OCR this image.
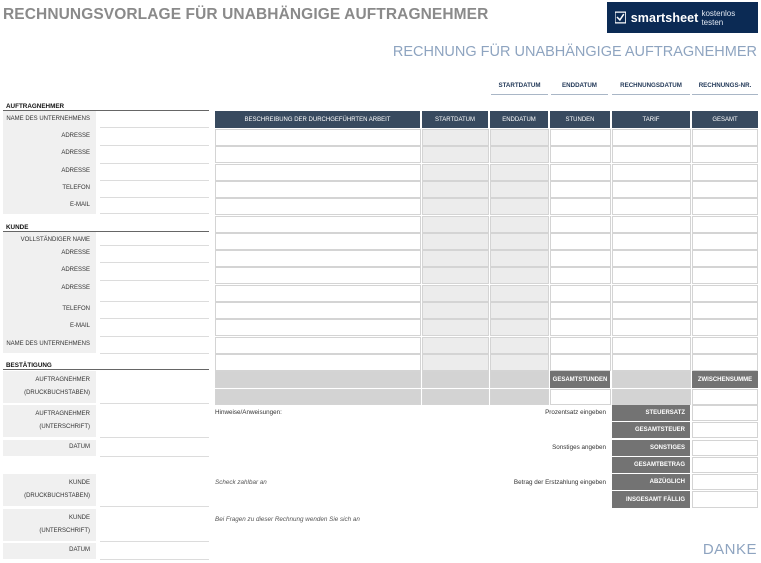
RECHNUNGSVORLAGE FÜR UNABHÄNGIGE AUFTRAGNEHMER	smartsheet kostenlos testen
RECHNUNG FÜR UNABHÄNGIGE AUFTRAGNEHMER
STARTDATUM	ENDDATUM	RECHNUNGSDATUM	RECHNUNGS-NR.
AUFTRAGNEHMER
NAME DES UNTERNEHMENS
ADRESSE
ADRESSE
ADRESSE
TELEFON
E-MAIL
KUNDE
VOLLSTÄNDIGER NAME
ADRESSE
ADRESSE
ADRESSE
TELEFON
E-MAIL
NAME DES UNTERNEHMENS
BESTÄTIGUNG
AUFTRAGNEHMER
(DRUCKBUCHSTABEN)
AUFTRAGNEHMER
(UNTERSCHRIFT)
DATUM
KUNDE
(DRUCKBUCHSTABEN)
KUNDE
(UNTERSCHRIFT)
DATUM
BESCHREIBUNG DER DURCHGEFÜHRTEN ARBEIT	STARTDATUM	ENDDATUM	STUNDEN	TARIF	GESAMT
GESAMTSTUNDEN	ZWISCHENSUMME
Hinweise/Anweisungen:
Scheck zahlbar an
Bei Fragen zu dieser Rechnung wenden Sie sich an
Prozentsatz eingeben
Sonstiges angeben
Betrag der Erstzahlung eingeben
STEUERSATZ
GESAMTSTEUER
SONSTIGES
GESAMTBETRAG
ABZÜGLICH
INSGESAMT FÄLLIG
DANKE
